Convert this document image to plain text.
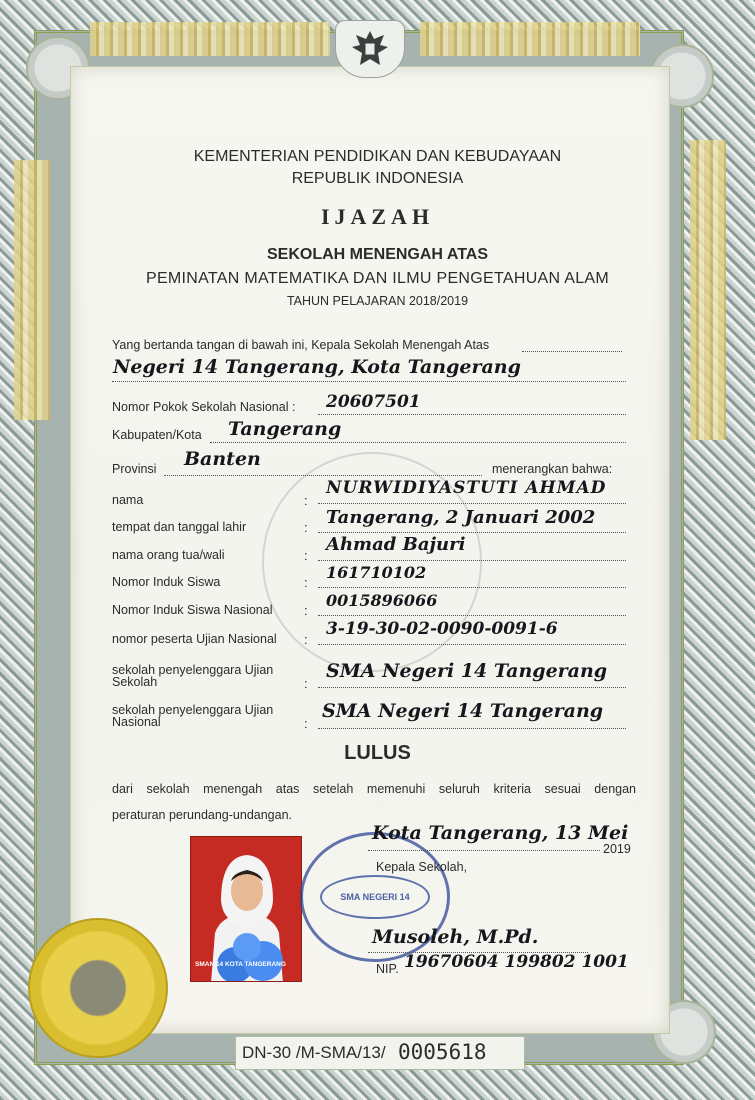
KEMENTERIAN PENDIDIKAN DAN KEBUDAYAAN
REPUBLIK INDONESIA
IJAZAH
SEKOLAH MENENGAH ATAS
PEMINATAN MATEMATIKA DAN ILMU PENGETAHUAN ALAM
TAHUN PELAJARAN 2018/2019
Yang bertanda tangan di bawah ini, Kepala Sekolah Menengah Atas
Negeri 14 Tangerang, Kota Tangerang
Nomor Pokok Sekolah Nasional : 20607501
Kabupaten/Kota Tangerang
Provinsi Banten	menerangkan bahwa:
nama	:
NURWIDIYASTUTI AHMAD
tempat dan tanggal lahir	: Tangerang, 2 Januari 2002
nama orang tua/wali	:
Ahmad Bajuri
Nomor Induk Siswa	:
161710102
Nomor Induk Siswa Nasional :
0015896066
nomor peserta Ujian Nasional :
3-19-30-02-0090-0091-6
sekolah penyelenggara Ujian
Sekolah	:
SMA Negeri 14 Tangerang
sekolah penyelenggara Ujian
Nasional	:
SMA Negeri 14 Tangerang
LULUS
dari sekolah menengah atas setelah memenuhi seluruh kriteria sesuai dengan
peraturan perundang-undangan.
SMAN 14 KOTA TANGERANG
SMA NEGERI 14
Kota Tangerang, 13 Mei
2019
Kepala Sekolah,
Musoleh, M.Pd.
NIP. 19670604 199802 1001
DN-30 /M-SMA/13/ 0005618
